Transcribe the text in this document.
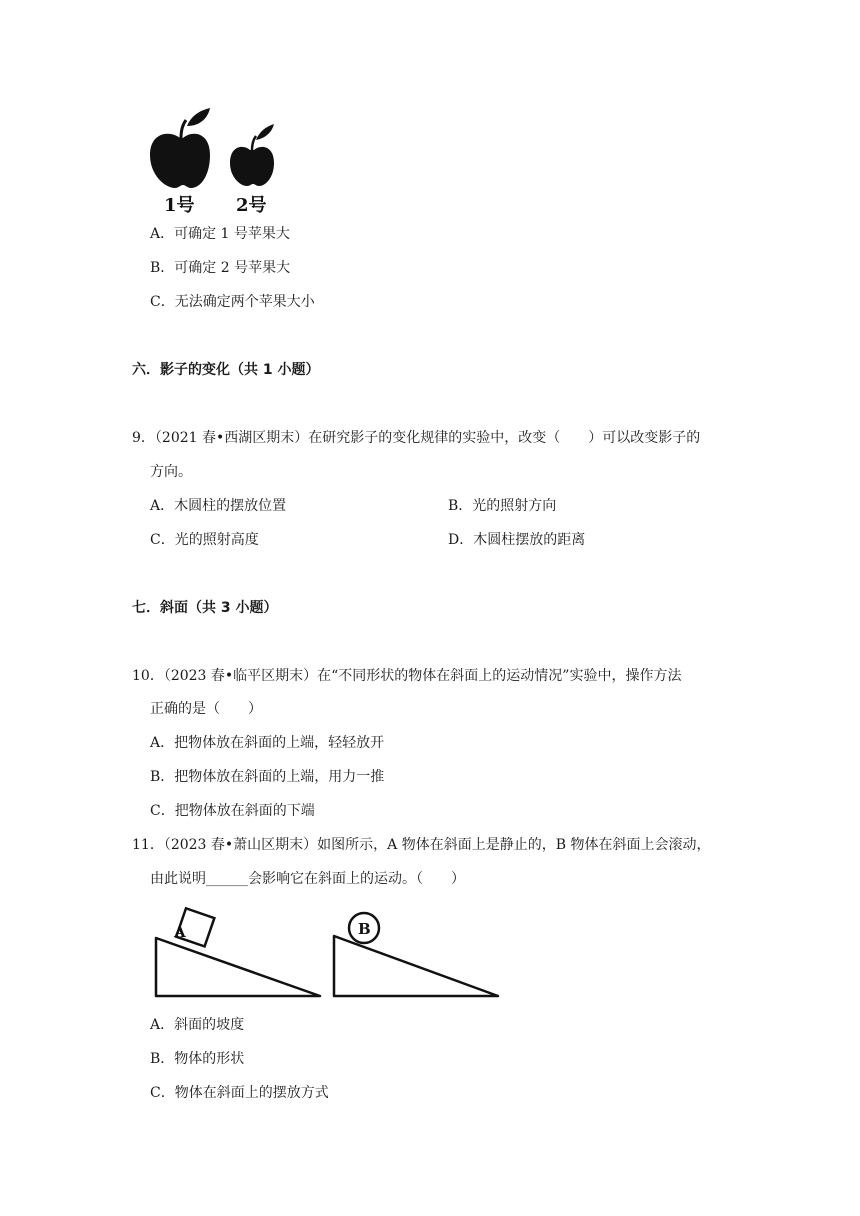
1号 2号
A．可确定 1 号苹果大
B．可确定 2 号苹果大
C．无法确定两个苹果大小
六．影子的变化（共 1 小题）
9．（2021 春•西湖区期末）在研究影子的变化规律的实验中，改变（　　）可以改变影子的
方向。
A．木圆柱的摆放位置	B．光的照射方向
C．光的照射高度	D．木圆柱摆放的距离
七．斜面（共 3 小题）
10．（2023 春•临平区期末）在“不同形状的物体在斜面上的运动情况”实验中，操作方法
正确的是（　　）
A．把物体放在斜面的上端，轻轻放开
B．把物体放在斜面的上端，用力一推
C．把物体放在斜面的下端
11．（2023 春•萧山区期末）如图所示，A 物体在斜面上是静止的，B 物体在斜面上会滚动，
由此说明______会影响它在斜面上的运动。（　　）
A	B
A．斜面的坡度
B．物体的形状
C．物体在斜面上的摆放方式
